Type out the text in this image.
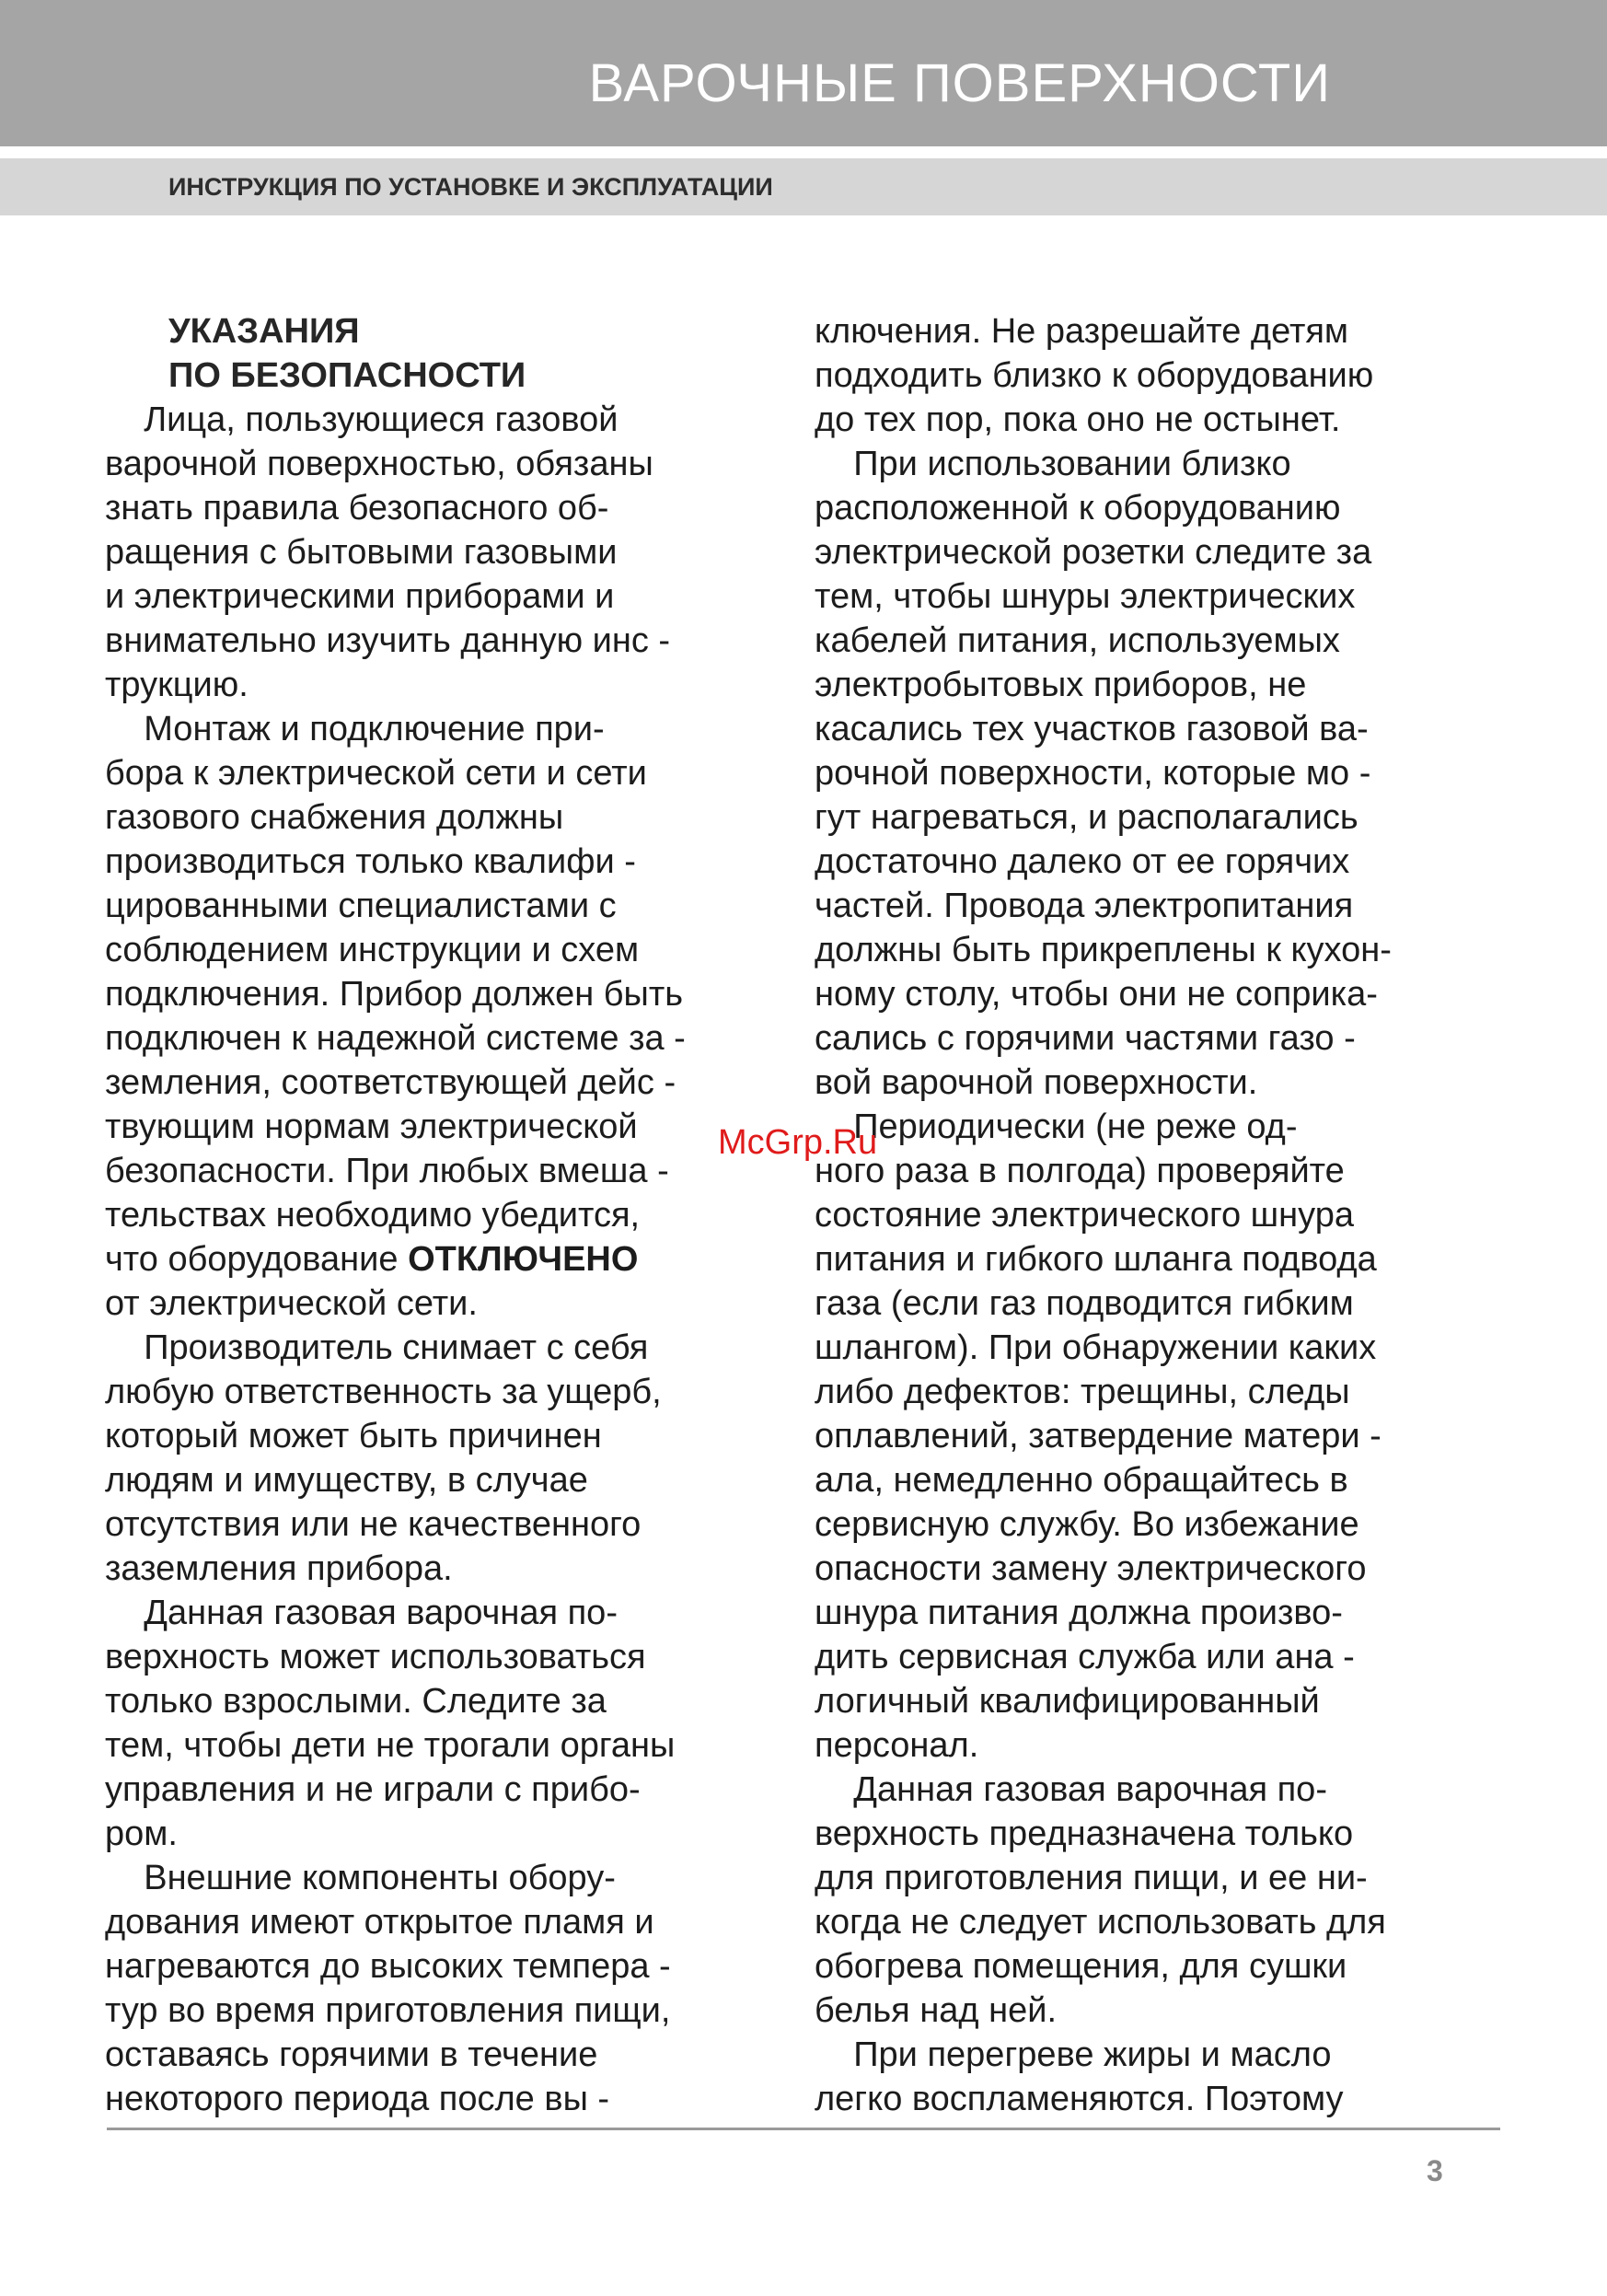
ВАРОЧНЫЕ ПОВЕРХНОСТИ
ИНСТРУКЦИЯ ПО УСТАНОВКЕ И ЭКСПЛУАТАЦИИ
УКАЗАНИЯ
ПО БЕЗОПАСНОСТИ
Лица, пользующиеся газовой
варочной поверхностью, обязаны
знать правила безопасного об-
ращения с бытовыми газовыми
и электрическими приборами и
внимательно изучить данную инс -
трукцию.
Монтаж и подключение при-
бора к электрической сети и сети
газового снабжения должны
производиться только квалифи -
цированными специалистами с
соблюдением инструкции и схем
подключения. Прибор должен быть
подключен к надежной системе за -
земления, соответствующей дейс -
твующим нормам электрической
безопасности. При любых вмеша -
тельствах необходимо убедится,
что оборудование ОТКЛЮЧЕНО
от электрической сети.
Производитель снимает с себя
любую ответственность за ущерб,
который может быть причинен
людям и имуществу, в случае
отсутствия или не качественного
заземления прибора.
Данная газовая варочная по-
верхность может использоваться
только взрослыми. Следите за
тем, чтобы дети не трогали органы
управления и не играли с прибо-
ром.
Внешние компоненты обору-
дования имеют открытое пламя и
нагреваются до высоких темпера -
тур во время приготовления пищи,
оставаясь горячими в течение
некоторого периода после вы -
ключения. Не разрешайте детям
подходить близко к оборудованию
до тех пор, пока оно не остынет.
При использовании близко
расположенной к оборудованию
электрической розетки следите за
тем, чтобы шнуры электрических
кабелей питания, используемых
электробытовых приборов, не
касались тех участков газовой ва-
рочной поверхности, которые мо -
гут нагреваться, и располагались
достаточно далеко от ее горячих
частей. Провода электропитания
должны быть прикреплены к кухон-
ному столу, чтобы они не соприка-
сались с горячими частями газо -
вой варочной поверхности.
Периодически (не реже од-
ного раза в полгода) проверяйте
состояние электрического шнура
питания и гибкого шланга подвода
газа (если газ подводится гибким
шлангом). При обнаружении каких
либо дефектов: трещины, следы
оплавлений, затвердение матери -
ала, немедленно обращайтесь в
сервисную службу. Во избежание
опасности замену электрического
шнура питания должна произво-
дить сервисная служба или ана -
логичный квалифицированный
персонал.
Данная газовая варочная по-
верхность предназначена только
для приготовления пищи, и ее ни-
когда не следует использовать для
обогрева помещения, для сушки
белья над ней.
При перегреве жиры и масло
легко воспламеняются. Поэтому
McGrp.Ru
3
